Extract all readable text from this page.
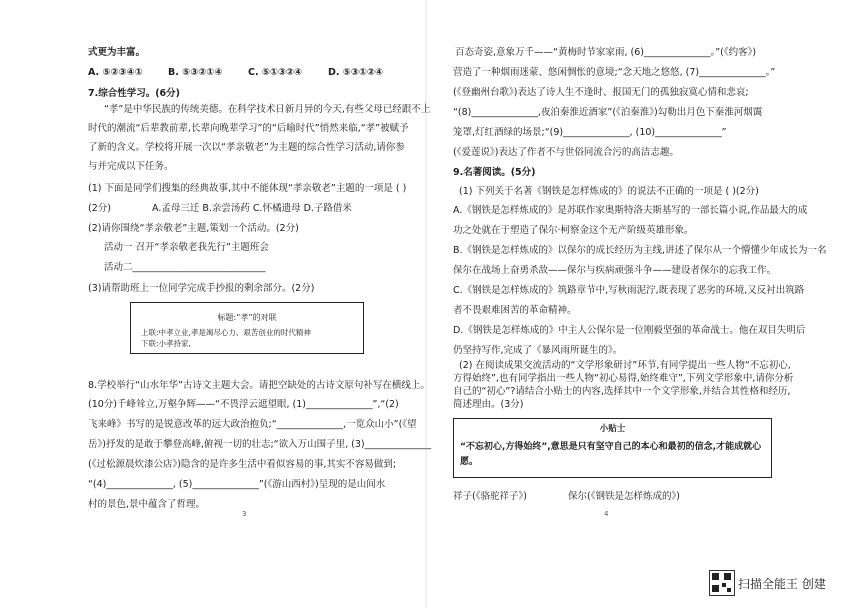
式更为丰富。
A. ⑤②③④①	B. ⑤③②①④	C. ⑤①③②④	D. ⑤③①②④
7.综合性学习。(6分)
“孝”是中华民族的传统美德。在科学技术日新月异的今天,有些父母已经跟不上
时代的潮流“后辈教前辈,长辈向晚辈学习”的“后喻时代”悄然来临,“孝”被赋予
了新的含义。学校将开展一次以“孝亲敬老”为主题的综合性学习活动,请你参
与并完成以下任务。
(1) 下面是同学们搜集的经典故事,其中不能体现“孝亲敬老”主题的一项是 ( )
(2分)	A.孟母三迁 B.亲尝汤药 C.怀橘遗母 D.子路借米
(2)请你围绕“孝亲敬老”主题,策划一个活动。(2分)
活动一 召开“孝亲敬老我先行”主题班会
活动二____________________________
(3)请帮助班上一位同学完成手抄报的剩余部分。(2分)
8.学校举行“山水年华”古诗文主题大会。请把空缺处的古诗文原句补写在横线上。
(10分)千峰耸立,万壑争辉——“不畏浮云遮望眼, (1)______________”,“(2)
飞来峰》书写的是锐意改革的远大政治抱负;“______________,一览众山小”(《望
岳》)抒发的是敢于攀登高峰,俯视一切的壮志;“欲入万山围子里, (3)______________
(《过松源晨炊漆公店》)隐含的是许多生活中看似容易的事,其实不容易做到;
“(4)______________, (5)______________”(《游山西村》)呈现的是山间水
村的景色,景中蕴含了哲理。
标题:“孝”的对联
上联:中孝立业,孝是竭尽心力、艰苦创业的时代精神
下联:小孝持家,
3
百态奇姿,意象万千——“黄梅时节家家雨, (6)______________。”(《约客》)
营造了一种烟雨迷蒙、悠闲惆怅的意境;“念天地之悠悠, (7)______________。”
(《登幽州台歌》)表达了诗人生不逢时、报国无门的孤独寂寞心情和悲哀;
“(8)______________,夜泊秦淮近酒家”(《泊秦淮》)勾勒出月色下秦淮河烟霭
笼罩,灯红酒绿的场景;“(9)______________, (10)______________”
(《爱莲说》)表达了作者不与世俗同流合污的高洁志趣。
9.名著阅读。(5分)
(1) 下列关于名著《钢铁是怎样炼成的》的说法不正确的一项是 ( )(2分)
A.《钢铁是怎样炼成的》是苏联作家奥斯特洛夫斯基写的一部长篇小说,作品最大的成
功之处就在于塑造了保尔·柯察金这个无产阶级英雄形象。
B.《钢铁是怎样炼成的》以保尔的成长经历为主线,讲述了保尔从一个懵懂少年成长为一名
保尔在战场上奋勇杀敌——保尔与疾病顽强斗争——建设者保尔的忘我工作。
C.《钢铁是怎样炼成的》筑路章节中,写秋雨泥泞,既表现了恶劣的环境,又反衬出筑路
者不畏艰难困苦的革命精神。
D.《钢铁是怎样炼成的》中主人公保尔是一位刚毅坚强的革命战士。他在双目失明后
仍坚持写作,完成了《暴风雨所诞生的》。
(2) 在阅读成果交流活动的“文学形象研讨”环节,有同学提出一些人物“不忘初心,
方得始终”,也有同学指出一些人物“初心易得,始终难守”,下列文学形象中,请你分析
自己的“初心”?请结合小贴士的内容,选择其中一个文学形象,并结合其性格和经历,
简述理由。(3分)
祥子(《骆驼祥子》)	保尔(《钢铁是怎样炼成的》)
小贴士
“不忘初心,方得始终”,意思是只有坚守自己的本心和最初的信念,才能成就心
愿。
4
扫描全能王 创建
